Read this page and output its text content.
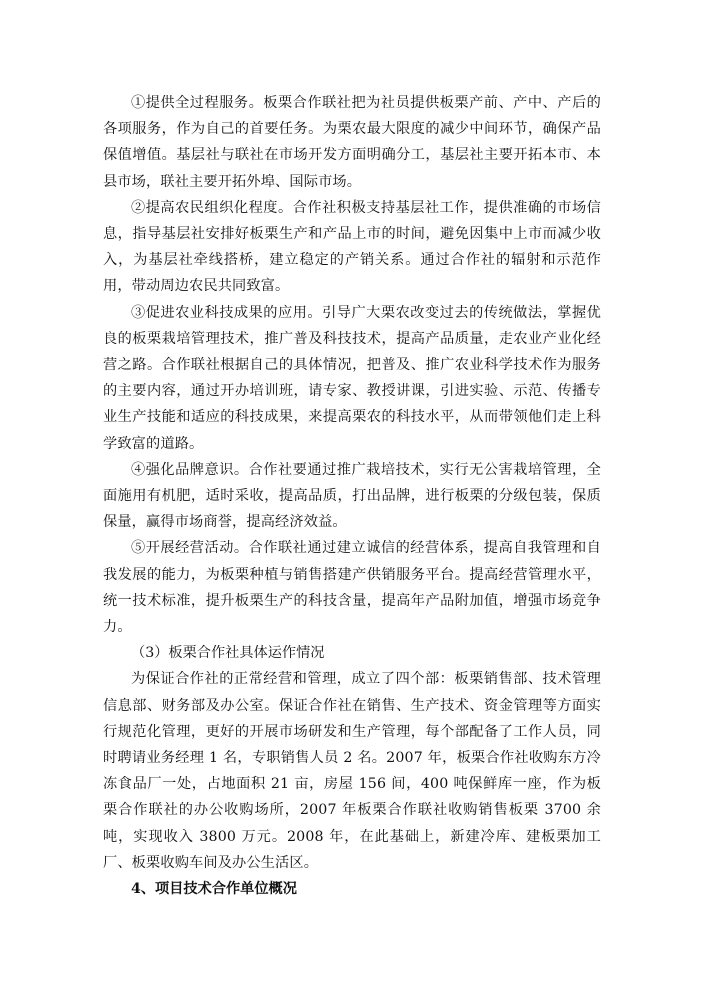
①提供全过程服务。板栗合作联社把为社员提供板栗产前、产中、产后的各项服务，作为自己的首要任务。为栗农最大限度的减少中间环节，确保产品保值增值。基层社与联社在市场开发方面明确分工，基层社主要开拓本市、本县市场，联社主要开拓外埠、国际市场。

②提高农民组织化程度。合作社积极支持基层社工作，提供准确的市场信息，指导基层社安排好板栗生产和产品上市的时间，避免因集中上市而减少收入，为基层社牵线搭桥，建立稳定的产销关系。通过合作社的辐射和示范作用，带动周边农民共同致富。

③促进农业科技成果的应用。引导广大栗农改变过去的传统做法，掌握优良的板栗栽培管理技术，推广普及科技技术，提高产品质量，走农业产业化经营之路。合作联社根据自己的具体情况，把普及、推广农业科学技术作为服务的主要内容，通过开办培训班，请专家、教授讲课，引进实验、示范、传播专业生产技能和适应的科技成果，来提高栗农的科技水平，从而带领他们走上科学致富的道路。

④强化品牌意识。合作社要通过推广栽培技术，实行无公害栽培管理，全面施用有机肥，适时采收，提高品质，打出品牌，进行板栗的分级包装，保质保量，赢得市场商誉，提高经济效益。

⑤开展经营活动。合作联社通过建立诚信的经营体系，提高自我管理和自我发展的能力，为板栗种植与销售搭建产供销服务平台。提高经营管理水平，统一技术标准，提升板栗生产的科技含量，提高年产品附加值，增强市场竞争力。

（3）板栗合作社具体运作情况

为保证合作社的正常经营和管理，成立了四个部：板栗销售部、技术管理信息部、财务部及办公室。保证合作社在销售、生产技术、资金管理等方面实行规范化管理，更好的开展市场研发和生产管理，每个部配备了工作人员，同时聘请业务经理 1 名，专职销售人员 2 名。2007 年，板栗合作社收购东方冷冻食品厂一处，占地面积 21 亩，房屋 156 间，400 吨保鲜库一座，作为板栗合作联社的办公收购场所，2007 年板栗合作联社收购销售板栗 3700 余吨，实现收入 3800 万元。2008 年，在此基础上，新建冷库、建板栗加工厂、板栗收购车间及办公生活区。

4、项目技术合作单位概况
